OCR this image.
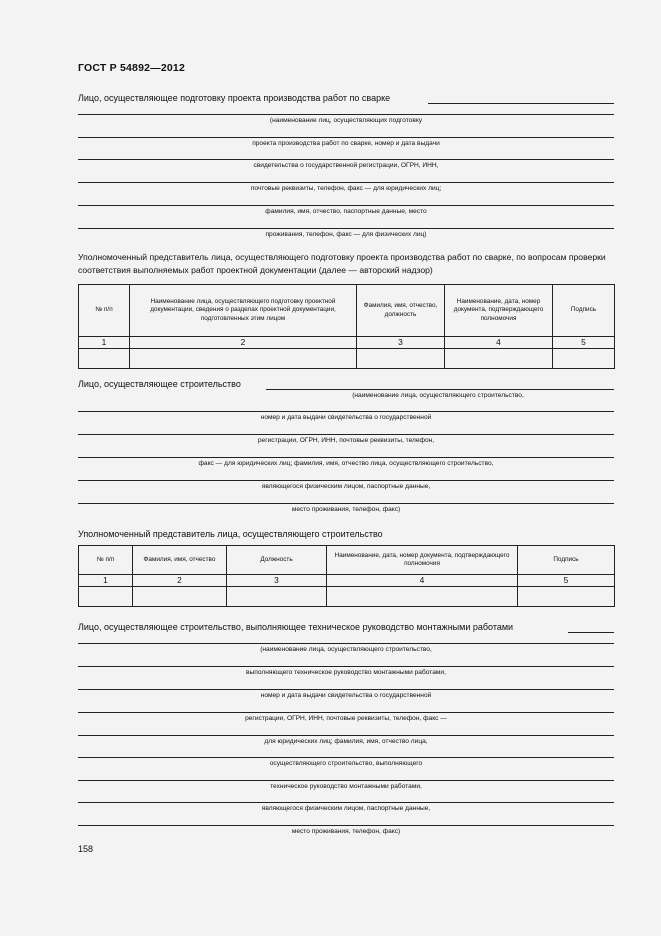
ГОСТ Р 54892—2012
Лицо, осуществляющее подготовку проекта производства работ по сварке
(наименование лиц, осуществляющих подготовку
проекта производства работ по сварке, номер и дата выдачи
свидетельства о государственной регистрации, ОГРН, ИНН,
почтовые реквизиты, телефон, факс — для юридических лиц;
фамилия, имя, отчество, паспортные данные, место
проживания, телефон, факс — для физических лиц)
Уполномоченный представитель лица, осуществляющего подготовку проекта производства работ по сварке, по вопросам проверки соответствия выполняемых работ проектной документации (далее — авторский надзор)
№ п/п	Наименование лица, осуществляющего подготовку проектной документации, сведения о разделах проектной документации, подготовленных этим лицом	Фамилия, имя, отчество, должность	Наименование, дата, номер документа, подтверждающего полномочия	Подпись
1	2	3	4	5

Лицо, осуществляющее строительство
(наименование лица, осуществляющего строительство,
номер и дата выдачи свидетельства о государственной
регистрации, ОГРН, ИНН, почтовые реквизиты, телефон,
факс — для юридических лиц; фамилия, имя, отчество лица, осуществляющего строительство,
являющегося физическим лицом, паспортные данные,
место проживания, телефон, факс)
Уполномоченный представитель лица, осуществляющего строительство
№ п/п	Фамилия, имя, отчество	Должность	Наименование, дата, номер документа, подтверждающего полномочия	Подпись
1	2	3	4	5

Лицо, осуществляющее строительство, выполняющее техническое руководство монтажными работами
(наименование лица, осуществляющего строительство,
выполняющего техническое руководство монтажными работами,
номер и дата выдачи свидетельства о государственной
регистрации, ОГРН, ИНН, почтовые реквизиты, телефон, факс —
для юридических лиц; фамилия, имя, отчество лица,
осуществляющего строительство, выполняющего
техническое руководство монтажными работами,
являющегося физическим лицом, паспортные данные,
место проживания, телефон, факс)
158
